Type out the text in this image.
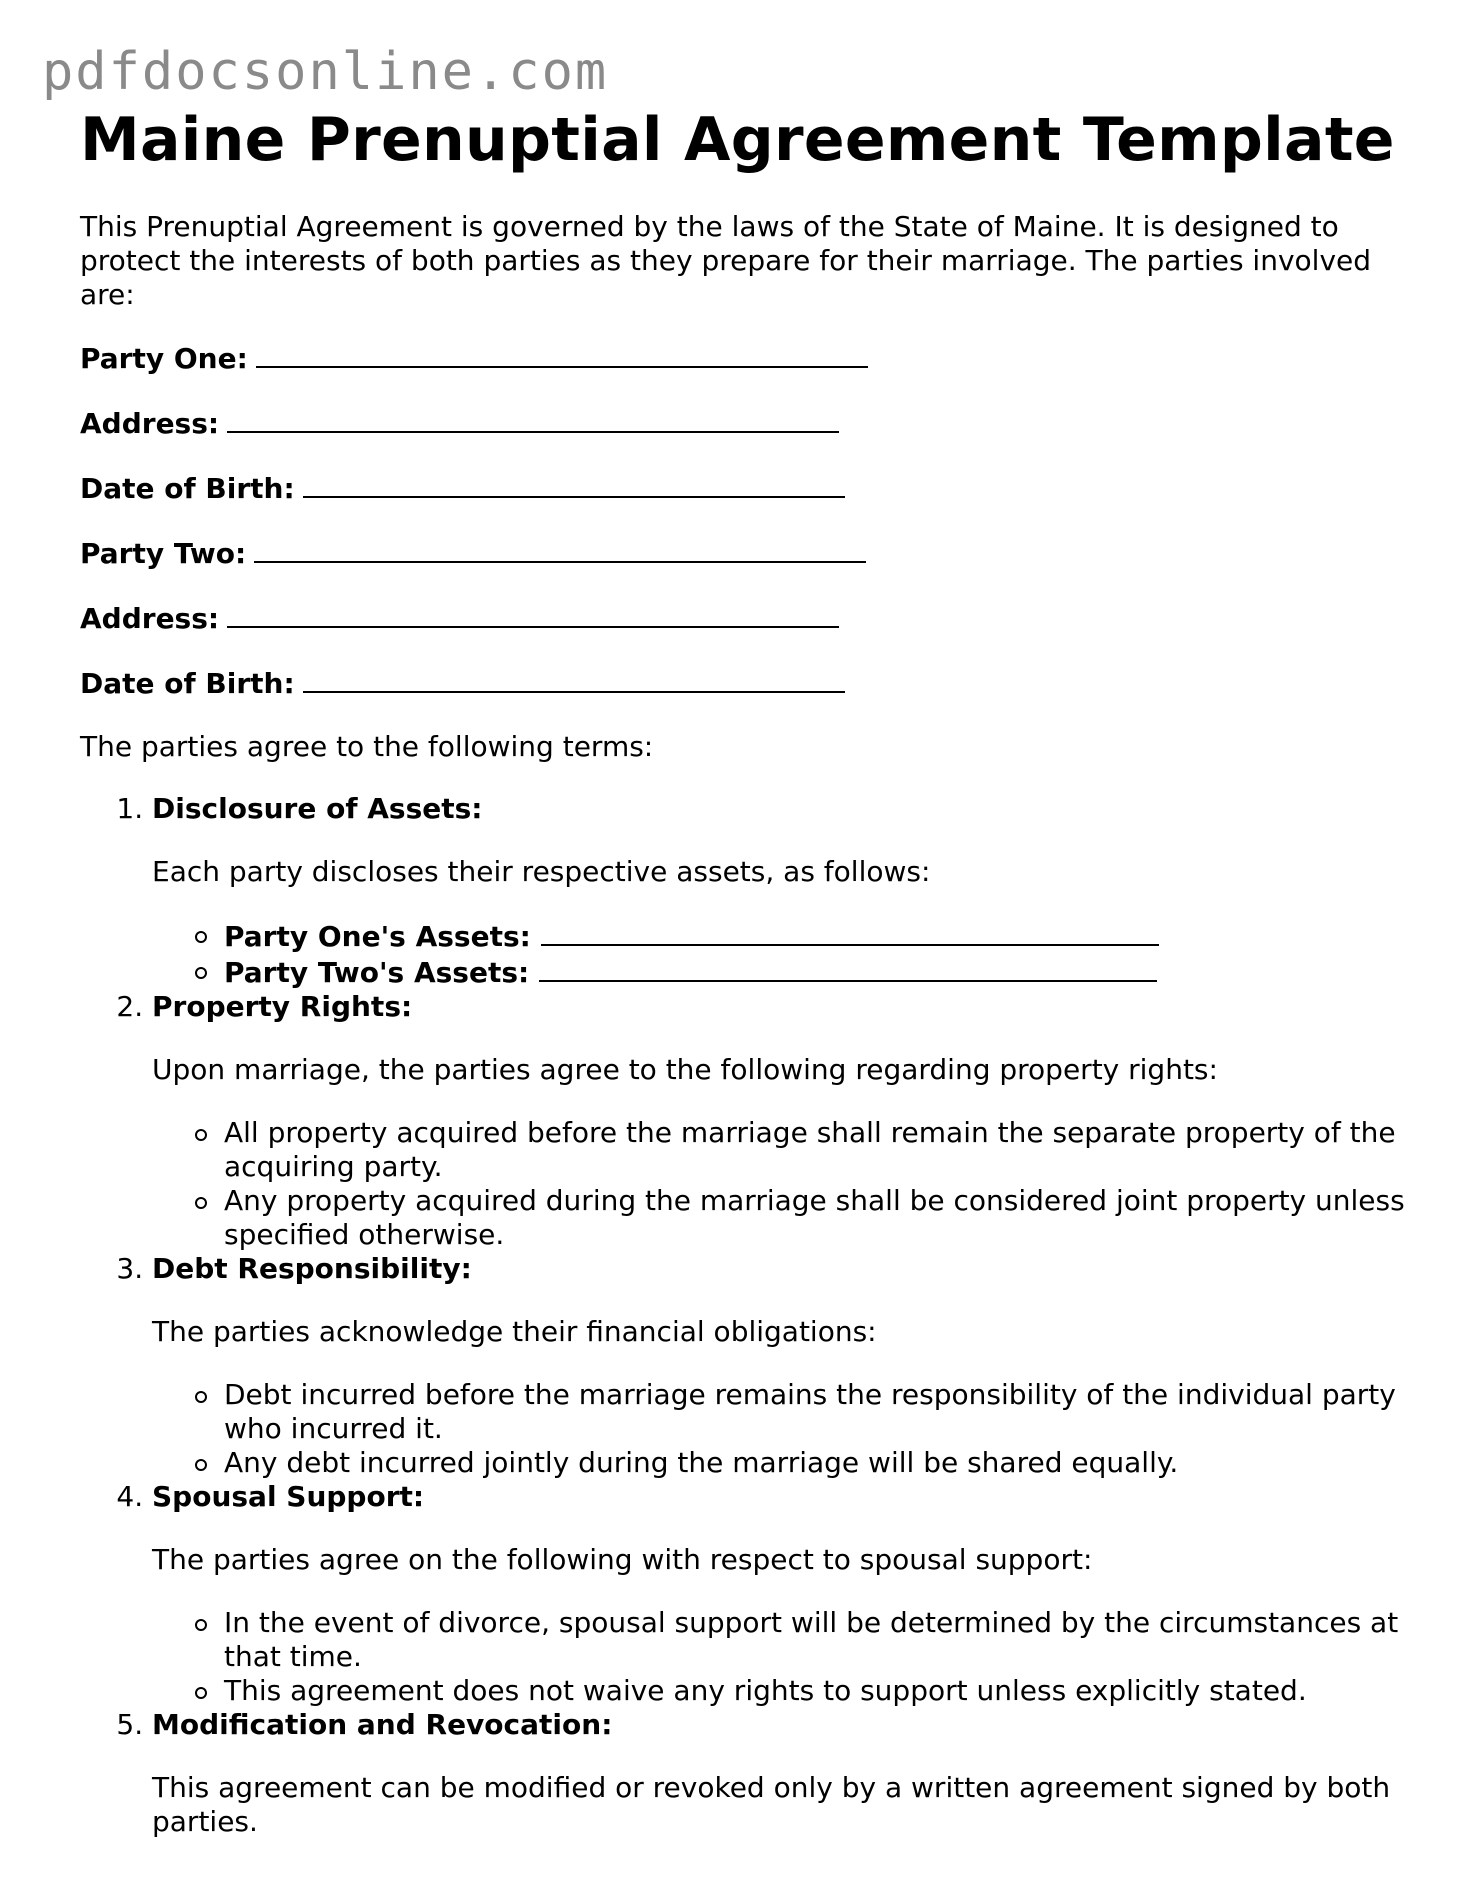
pdfdocsonline.com
Maine Prenuptial Agreement Template

This Prenuptial Agreement is governed by the laws of the State of Maine. It is designed to protect the interests of both parties as they prepare for their marriage. The parties involved are:

Party One:

Address:

Date of Birth:

Party Two:

Address:

Date of Birth:

The parties agree to the following terms:

1. Disclosure of Assets:

Each party discloses their respective assets, as follows:

Party One's Assets:
Party Two's Assets:
2. Property Rights:

Upon marriage, the parties agree to the following regarding property rights:

All property acquired before the marriage shall remain the separate property of the acquiring party.
Any property acquired during the marriage shall be considered joint property unless specified otherwise.
3. Debt Responsibility:

The parties acknowledge their financial obligations:

Debt incurred before the marriage remains the responsibility of the individual party who incurred it.
Any debt incurred jointly during the marriage will be shared equally.
4. Spousal Support:

The parties agree on the following with respect to spousal support:

In the event of divorce, spousal support will be determined by the circumstances at that time.
This agreement does not waive any rights to support unless explicitly stated.
5. Modification and Revocation:

This agreement can be modified or revoked only by a written agreement signed by both parties.
